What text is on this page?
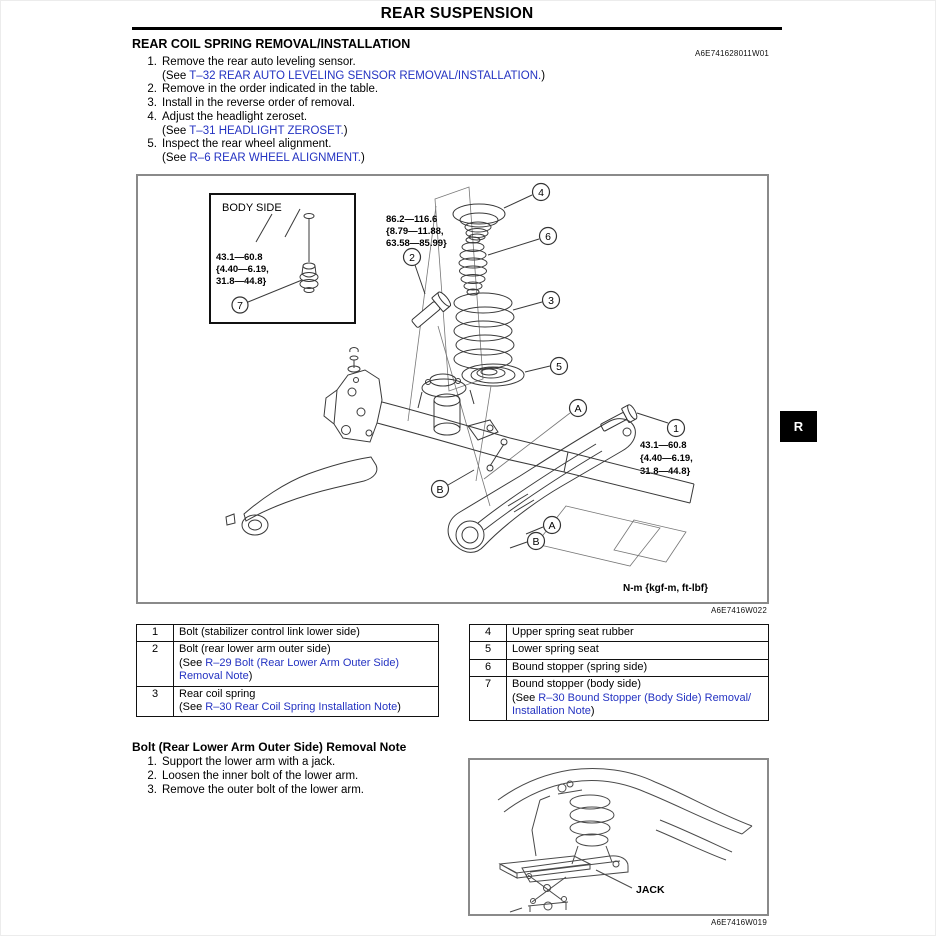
REAR SUSPENSION
REAR COIL SPRING REMOVAL/INSTALLATION
A6E741628011W01
1. Remove the rear auto leveling sensor.
(See T–32 REAR AUTO LEVELING SENSOR REMOVAL/INSTALLATION.)
2. Remove in the order indicated in the table.
3. Install in the reverse order of removal.
4. Adjust the headlight zeroset.
(See T–31 HEADLIGHT ZEROSET.)
5. Inspect the rear wheel alignment.
(See R–6 REAR WHEEL ALIGNMENT.)
BODY SIDE
43.1—60.8
{4.40—6.19,
31.8—44.8}
7
86.2—116.6
{8.79—11.88,
63.58—85.99}
43.1—60.8
{4.40—6.19,
31.8—44.8}
4
6
3
5
2
1
A
B
A
B
N-m {kgf-m, ft-lbf}
A6E7416W022
1	Bolt (stabilizer control link lower side)

2	Bolt (rear lower arm outer side)
(See R–29 Bolt (Rear Lower Arm Outer Side)
Removal Note)

3	Rear coil spring
(See R–30 Rear Coil Spring Installation Note)
4	Upper spring seat rubber

5	Lower spring seat

6	Bound stopper (spring side)

7	Bound stopper (body side)
(See R–30 Bound Stopper (Body Side) Removal/
Installation Note)
Bolt (Rear Lower Arm Outer Side) Removal Note
1. Support the lower arm with a jack.
2. Loosen the inner bolt of the lower arm.
3. Remove the outer bolt of the lower arm.
JACK
A6E7416W019
R
